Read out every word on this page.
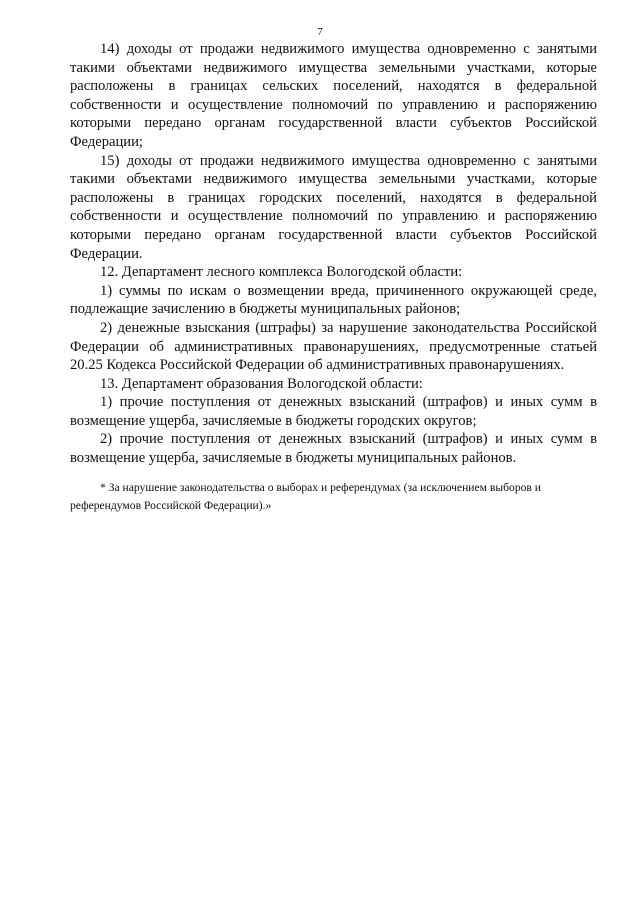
7

14) доходы от продажи недвижимого имущества одновременно с занятыми такими объектами недвижимого имущества земельными участками, которые расположены в границах сельских поселений, находятся в федеральной собственности и осуществление полномочий по управлению и распоряжению которыми передано органам государственной власти субъектов Российской Федерации;

15) доходы от продажи недвижимого имущества одновременно с занятыми такими объектами недвижимого имущества земельными участками, которые расположены в границах городских поселений, находятся в федеральной собственности и осуществление полномочий по управлению и распоряжению которыми передано органам государственной власти субъектов Российской Федерации.

12. Департамент лесного комплекса Вологодской области:

1) суммы по искам о возмещении вреда, причиненного окружающей среде, подлежащие зачислению в бюджеты муниципальных районов;

2) денежные взыскания (штрафы) за нарушение законодательства Российской Федерации об административных правонарушениях, предусмотренные статьей 20.25 Кодекса Российской Федерации об административных правонарушениях.

13. Департамент образования Вологодской области:

1) прочие поступления от денежных взысканий (штрафов) и иных сумм в возмещение ущерба, зачисляемые в бюджеты городских округов;

2) прочие поступления от денежных взысканий (штрафов) и иных сумм в возмещение ущерба, зачисляемые в бюджеты муниципальных районов.

* За нарушение законодательства о выборах и референдумах (за исключением выборов и референдумов Российской Федерации).»
